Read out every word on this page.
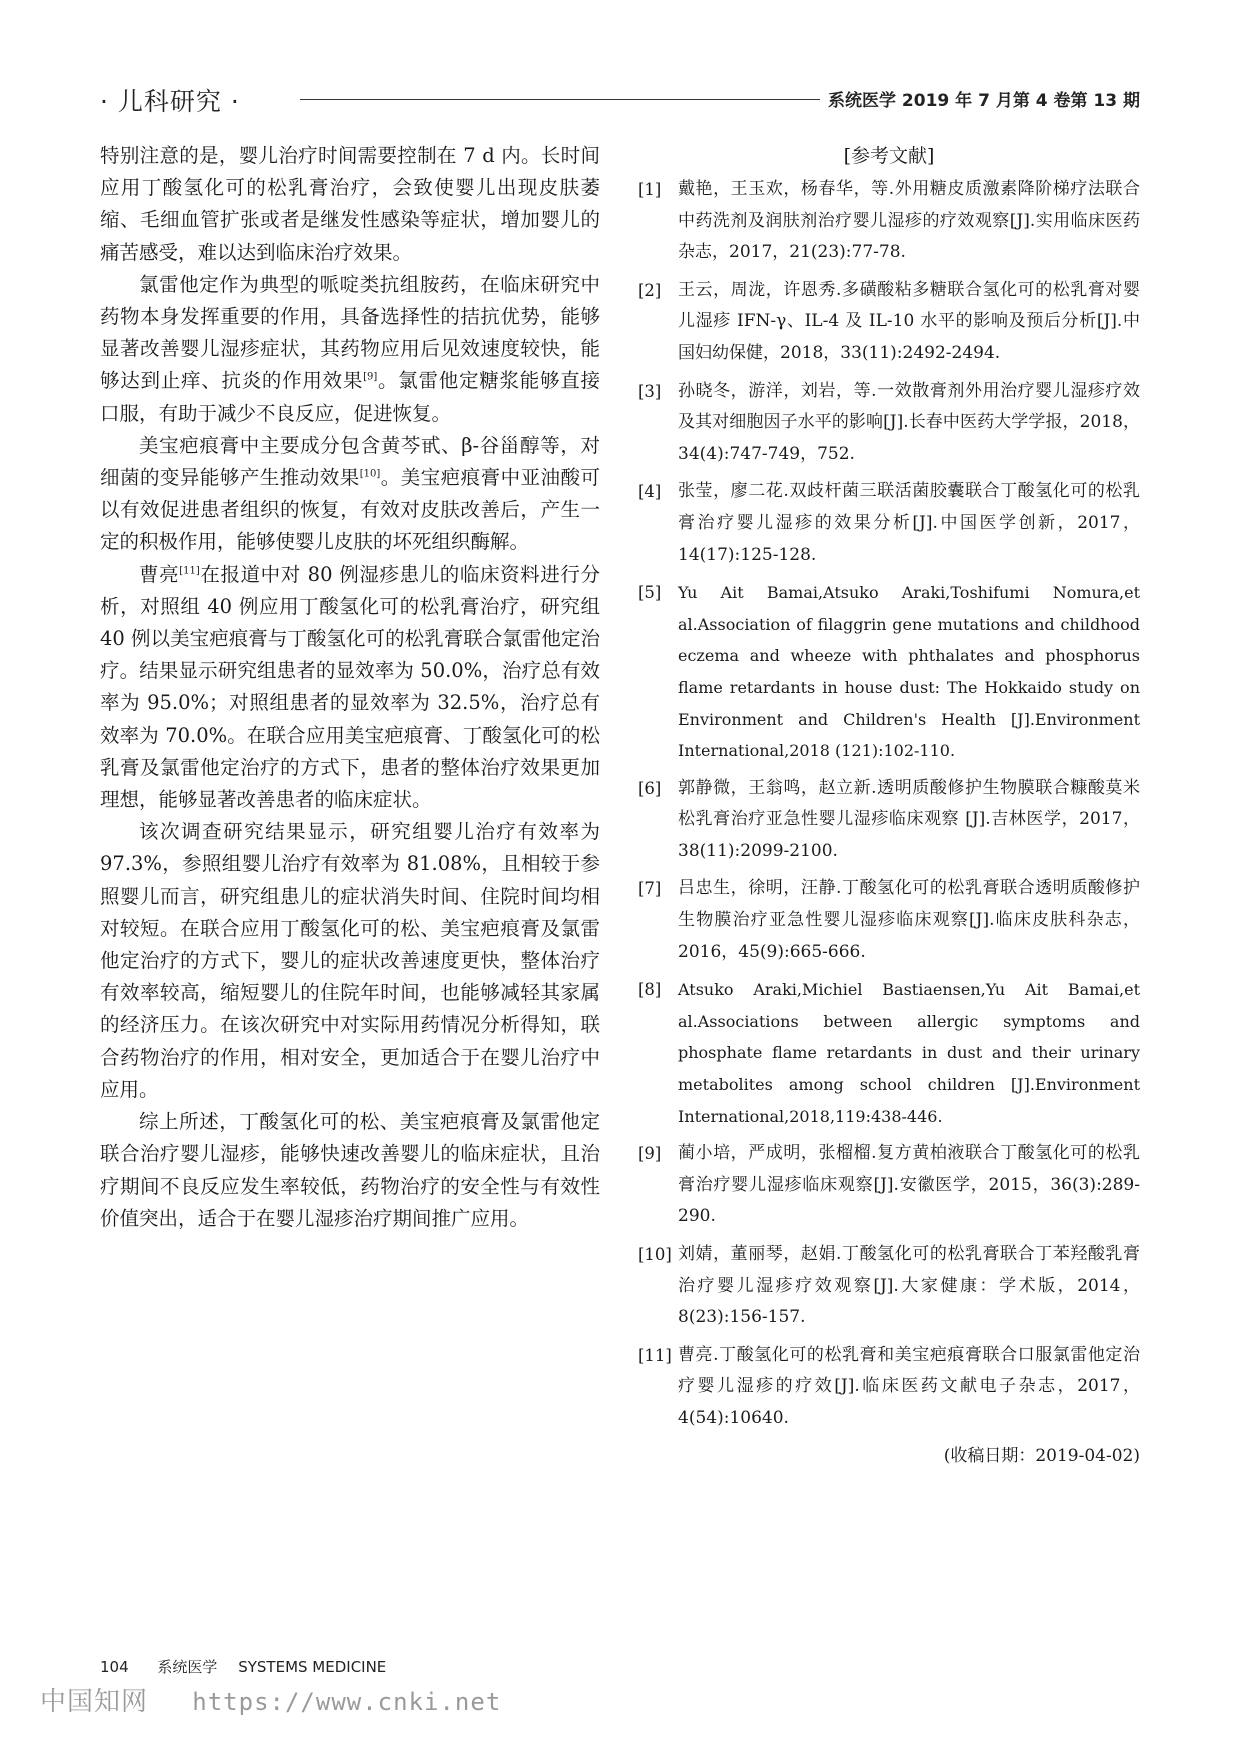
· 儿科研究 ·	系统医学 2019 年 7 月第 4 卷第 13 期

特别注意的是，婴儿治疗时间需要控制在 7 d 内。长时间应用丁酸氢化可的松乳膏治疗，会致使婴儿出现皮肤萎缩、毛细血管扩张或者是继发性感染等症状，增加婴儿的痛苦感受，难以达到临床治疗效果。

氯雷他定作为典型的哌啶类抗组胺药，在临床研究中药物本身发挥重要的作用，具备选择性的拮抗优势，能够显著改善婴儿湿疹症状，其药物应用后见效速度较快，能够达到止痒、抗炎的作用效果[9]。氯雷他定糖浆能够直接口服，有助于减少不良反应，促进恢复。

美宝疤痕膏中主要成分包含黄芩甙、β-谷甾醇等，对细菌的变异能够产生推动效果[10]。美宝疤痕膏中亚油酸可以有效促进患者组织的恢复，有效对皮肤改善后，产生一定的积极作用，能够使婴儿皮肤的坏死组织酶解。

曹亮[11]在报道中对 80 例湿疹患儿的临床资料进行分析，对照组 40 例应用丁酸氢化可的松乳膏治疗，研究组 40 例以美宝疤痕膏与丁酸氢化可的松乳膏联合氯雷他定治疗。结果显示研究组患者的显效率为 50.0%，治疗总有效率为 95.0%；对照组患者的显效率为 32.5%，治疗总有效率为 70.0%。在联合应用美宝疤痕膏、丁酸氢化可的松乳膏及氯雷他定治疗的方式下，患者的整体治疗效果更加理想，能够显著改善患者的临床症状。

该次调查研究结果显示，研究组婴儿治疗有效率为 97.3%，参照组婴儿治疗有效率为 81.08%，且相较于参照婴儿而言，研究组患儿的症状消失时间、住院时间均相对较短。在联合应用丁酸氢化可的松、美宝疤痕膏及氯雷他定治疗的方式下，婴儿的症状改善速度更快，整体治疗有效率较高，缩短婴儿的住院年时间，也能够减轻其家属的经济压力。在该次研究中对实际用药情况分析得知，联合药物治疗的作用，相对安全，更加适合于在婴儿治疗中应用。

综上所述，丁酸氢化可的松、美宝疤痕膏及氯雷他定联合治疗婴儿湿疹，能够快速改善婴儿的临床症状，且治疗期间不良反应发生率较低，药物治疗的安全性与有效性价值突出，适合于在婴儿湿疹治疗期间推广应用。

[参考文献]
[1] 戴艳，王玉欢，杨春华，等.外用糖皮质激素降阶梯疗法联合中药洗剂及润肤剂治疗婴儿湿疹的疗效观察[J].实用临床医药杂志，2017，21(23):77-78.
[2] 王云，周泷，许恩秀.多磺酸粘多糖联合氢化可的松乳膏对婴儿湿疹 IFN-γ、IL-4 及 IL-10 水平的影响及预后分析[J].中国妇幼保健，2018，33(11):2492-2494.
[3] 孙晓冬，游洋，刘岩，等.一效散膏剂外用治疗婴儿湿疹疗效及其对细胞因子水平的影响[J].长春中医药大学学报，2018，34(4):747-749，752.
[4] 张莹，廖二花.双歧杆菌三联活菌胶囊联合丁酸氢化可的松乳膏治疗婴儿湿疹的效果分析[J].中国医学创新，2017，14(17):125-128.
[5] Yu Ait Bamai,Atsuko Araki,Toshifumi Nomura,et al.Association of filaggrin gene mutations and childhood eczema and wheeze with phthalates and phosphorus flame retardants in house dust: The Hokkaido study on Environment and Children's Health [J].Environment International,2018 (121):102-110.
[6] 郭静微，王翁鸣，赵立新.透明质酸修护生物膜联合糠酸莫米松乳膏治疗亚急性婴儿湿疹临床观察 [J].吉林医学，2017，38(11):2099-2100.
[7] 吕忠生，徐明，汪静.丁酸氢化可的松乳膏联合透明质酸修护生物膜治疗亚急性婴儿湿疹临床观察[J].临床皮肤科杂志，2016，45(9):665-666.
[8] Atsuko Araki,Michiel Bastiaensen,Yu Ait Bamai,et al.Associations between allergic symptoms and phosphate flame retardants in dust and their urinary metabolites among school children [J].Environment International,2018,119:438-446.
[9] 蔺小培，严成明，张榴榴.复方黄柏液联合丁酸氢化可的松乳膏治疗婴儿湿疹临床观察[J].安徽医学，2015，36(3):289-290.
[10] 刘婧，董丽琴，赵娟.丁酸氢化可的松乳膏联合丁苯羟酸乳膏治疗婴儿湿疹疗效观察[J].大家健康：学术版，2014，8(23):156-157.
[11] 曹亮.丁酸氢化可的松乳膏和美宝疤痕膏联合口服氯雷他定治疗婴儿湿疹的疗效[J].临床医药文献电子杂志，2017，4(54):10640.
(收稿日期：2019-04-02)
104 系统医学 SYSTEMS MEDICINE
中国知网 https://www.cnki.net
